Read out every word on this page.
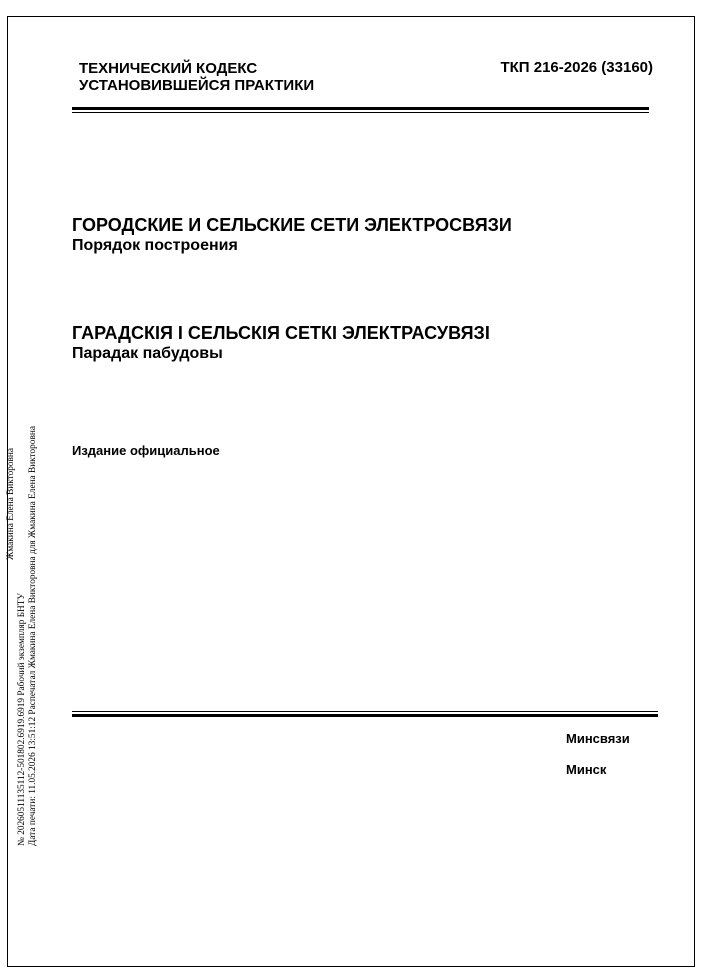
ТЕХНИЧЕСКИЙ КОДЕКС
УСТАНОВИВШЕЙСЯ ПРАКТИКИ
ТКП 216-2026 (33160)
ГОРОДСКИЕ И СЕЛЬСКИЕ СЕТИ ЭЛЕКТРОСВЯЗИ
Порядок построения
ГАРАДСКІЯ І СЕЛЬСКІЯ СЕТКІ ЭЛЕКТРАСУВЯЗІ
Парадак пабудовы
Издание официальное
Минсвязи
Минск
Жмакина Елена Викторовна
№ 20260511135112-501802.6919.6919 Рабочий экземпляр БНТУ Дата печати: 11.05.2026 13:51:12 Распечатал Жмакина Елена Викторовна для Жмакина Елена Викторовна
